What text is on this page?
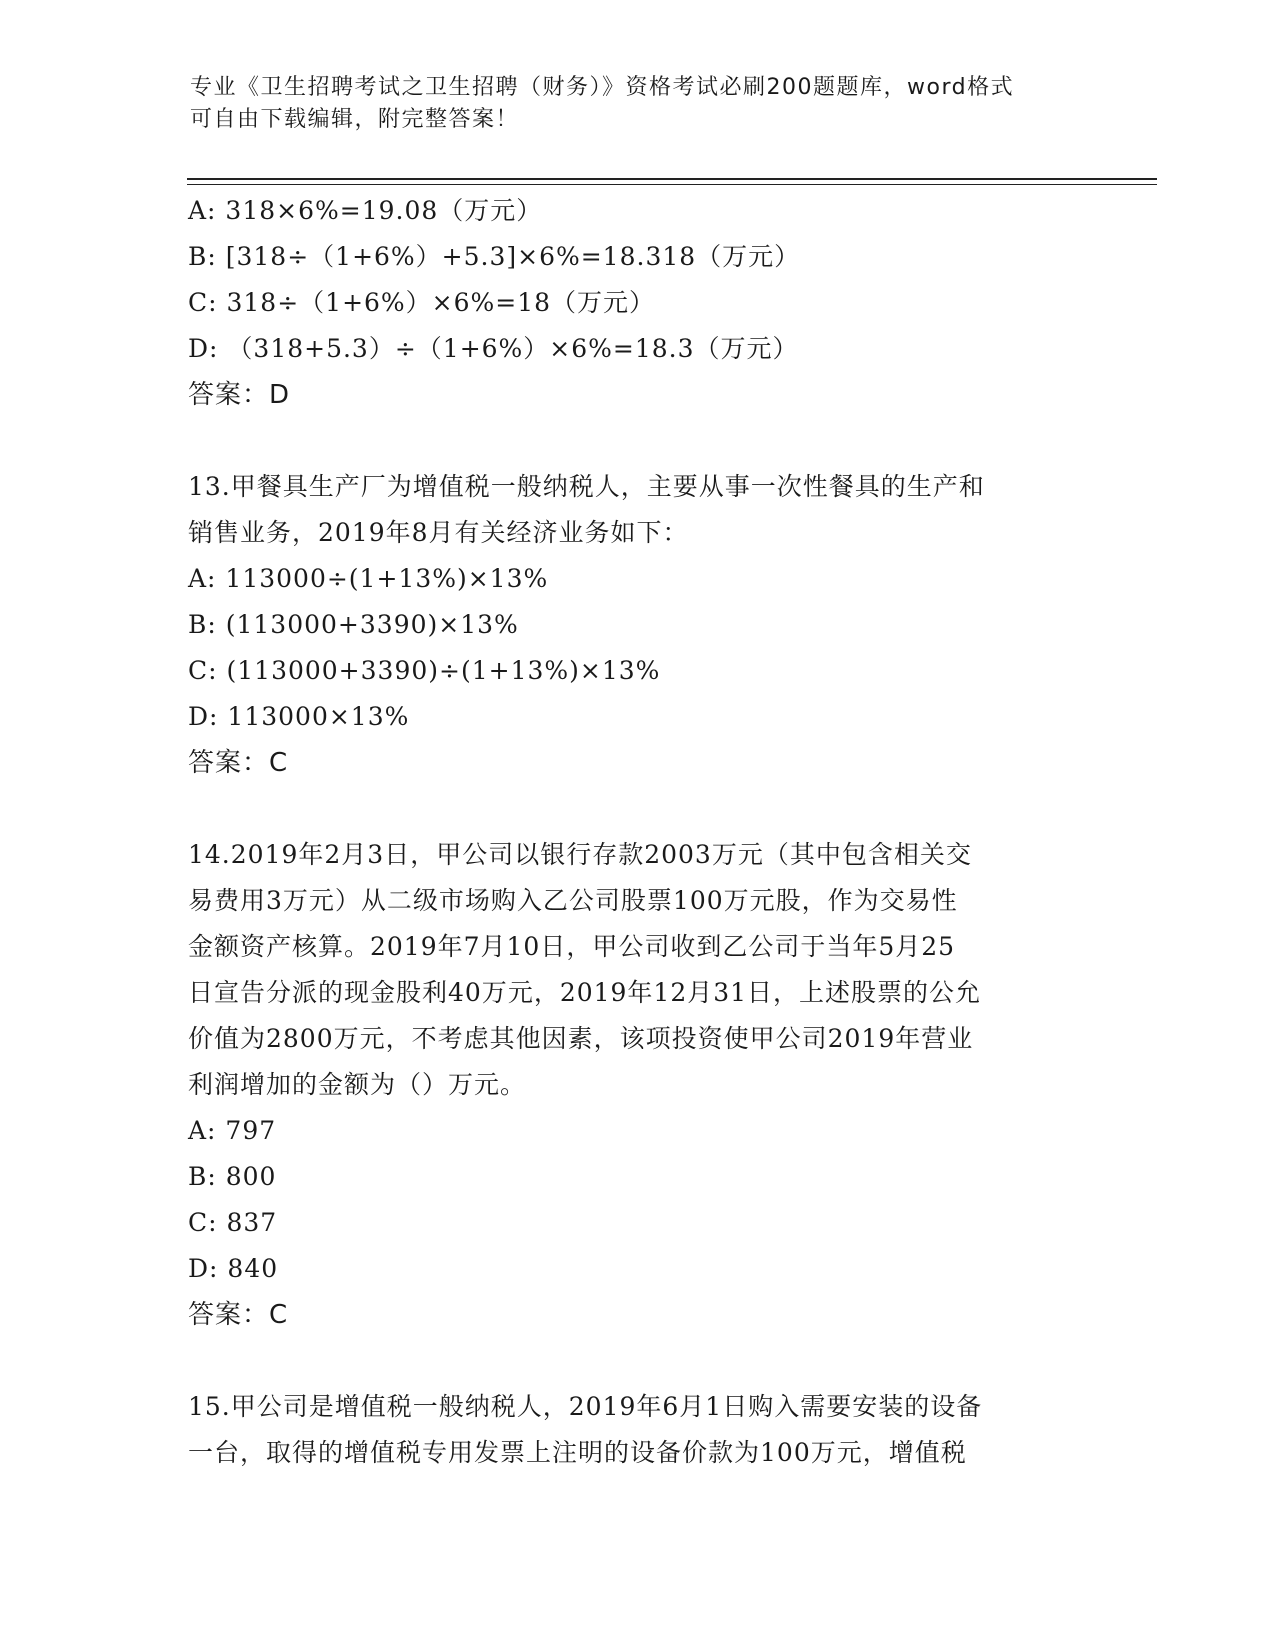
专业《卫生招聘考试之卫生招聘（财务）》资格考试必刷200题题库，word格式
可自由下载编辑，附完整答案！
A: 318×6%=19.08（万元）
B: [318÷（1+6%）+5.3]×6%=18.318（万元）
C: 318÷（1+6%）×6%=18（万元）
D: （318+5.3）÷（1+6%）×6%=18.3（万元）
答案：D
13.甲餐具生产厂为增值税一般纳税人，主要从事一次性餐具的生产和
销售业务，2019年8月有关经济业务如下：
A: 113000÷(1+13%)×13%
B: (113000+3390)×13%
C: (113000+3390)÷(1+13%)×13%
D: 113000×13%
答案：C
14.2019年2月3日，甲公司以银行存款2003万元（其中包含相关交
易费用3万元）从二级市场购入乙公司股票100万元股，作为交易性
金额资产核算。2019年7月10日，甲公司收到乙公司于当年5月25
日宣告分派的现金股利40万元，2019年12月31日，上述股票的公允
价值为2800万元，不考虑其他因素，该项投资使甲公司2019年营业
利润增加的金额为（）万元。
A: 797
B: 800
C: 837
D: 840
答案：C
15.甲公司是增值税一般纳税人，2019年6月1日购入需要安装的设备
一台，取得的增值税专用发票上注明的设备价款为100万元，增值税
